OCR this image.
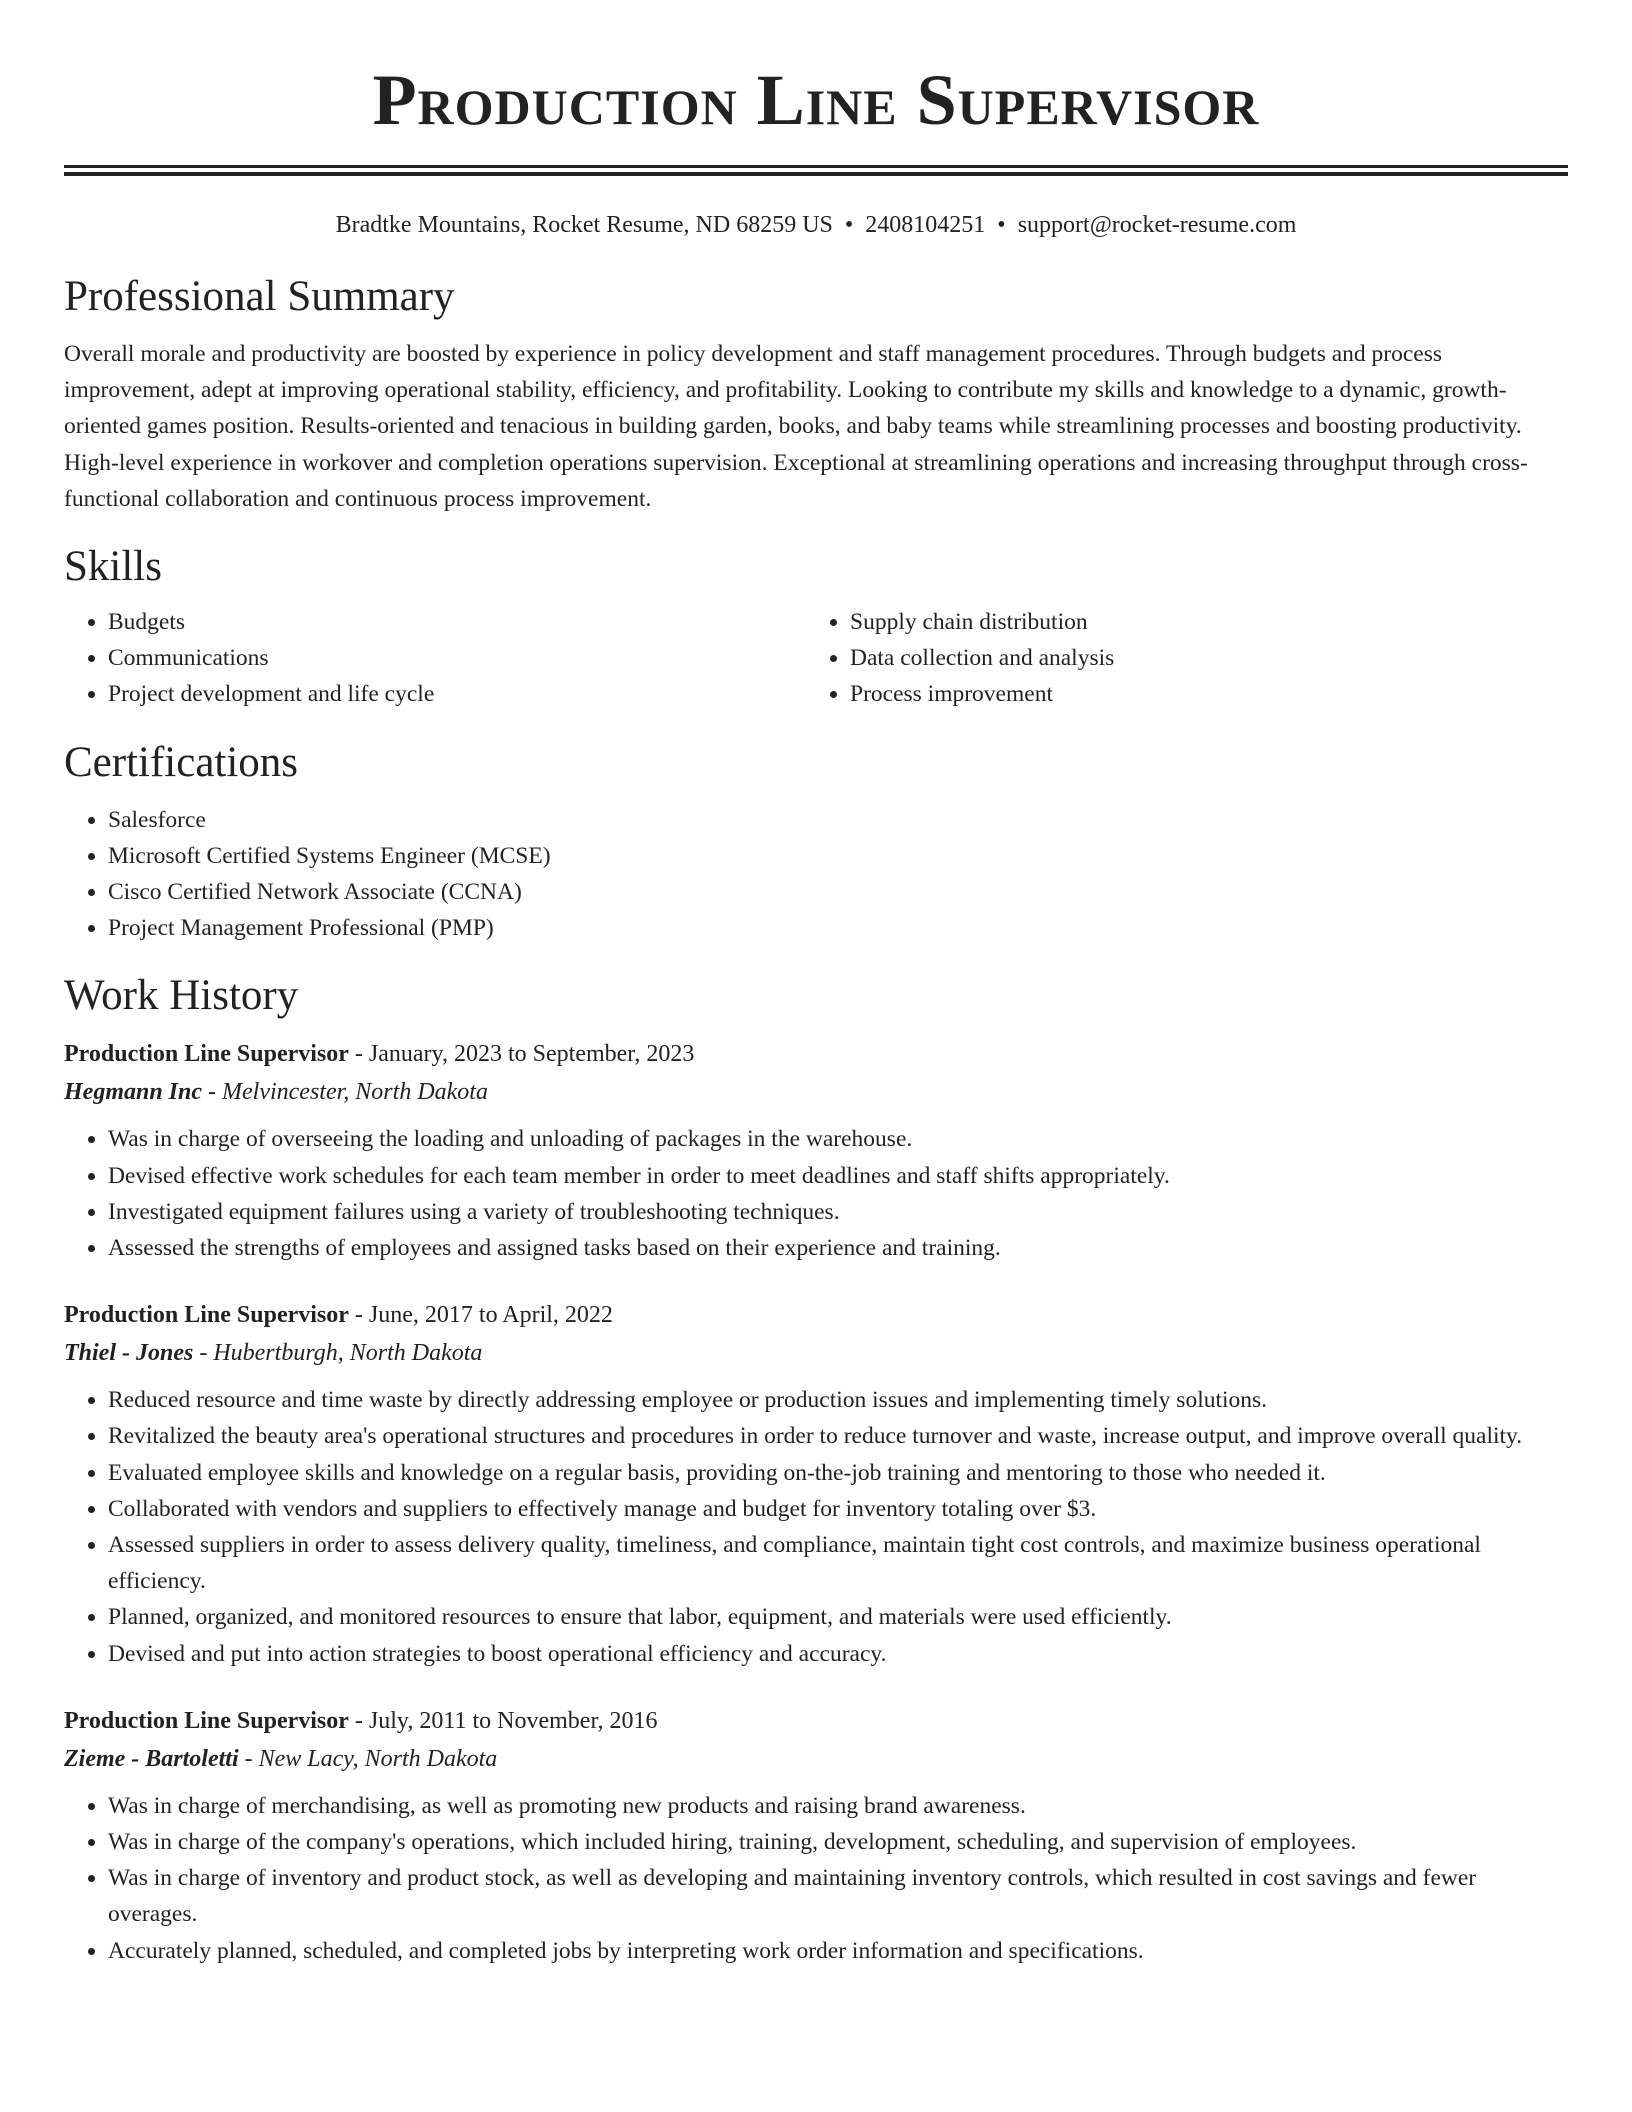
Production Line Supervisor
Bradtke Mountains, Rocket Resume, ND 68259 US • 2408104251 • support@rocket-resume.com
Professional Summary

Overall morale and productivity are boosted by experience in policy development and staff management procedures. Through budgets and process improvement, adept at improving operational stability, efficiency, and profitability. Looking to contribute my skills and knowledge to a dynamic, growth-oriented games position. Results-oriented and tenacious in building garden, books, and baby teams while streamlining processes and boosting productivity. High-level experience in workover and completion operations supervision. Exceptional at streamlining operations and increasing throughput through cross-functional collaboration and continuous process improvement.

Skills
• Budgets
• Communications
• Project development and life cycle
• Supply chain distribution
• Data collection and analysis
• Process improvement
Certifications
• Salesforce
• Microsoft Certified Systems Engineer (MCSE)
• Cisco Certified Network Associate (CCNA)
• Project Management Professional (PMP)
Work History
Production Line Supervisor - January, 2023 to September, 2023
Hegmann Inc - Melvincester, North Dakota
• Was in charge of overseeing the loading and unloading of packages in the warehouse.
• Devised effective work schedules for each team member in order to meet deadlines and staff shifts appropriately.
• Investigated equipment failures using a variety of troubleshooting techniques.
• Assessed the strengths of employees and assigned tasks based on their experience and training.
Production Line Supervisor - June, 2017 to April, 2022
Thiel - Jones - Hubertburgh, North Dakota
• Reduced resource and time waste by directly addressing employee or production issues and implementing timely solutions.
• Revitalized the beauty area's operational structures and procedures in order to reduce turnover and waste, increase output, and improve overall quality.
• Evaluated employee skills and knowledge on a regular basis, providing on-the-job training and mentoring to those who needed it.
• Collaborated with vendors and suppliers to effectively manage and budget for inventory totaling over $3.
• Assessed suppliers in order to assess delivery quality, timeliness, and compliance, maintain tight cost controls, and maximize business operational efficiency.
• Planned, organized, and monitored resources to ensure that labor, equipment, and materials were used efficiently.
• Devised and put into action strategies to boost operational efficiency and accuracy.
Production Line Supervisor - July, 2011 to November, 2016
Zieme - Bartoletti - New Lacy, North Dakota
• Was in charge of merchandising, as well as promoting new products and raising brand awareness.
• Was in charge of the company's operations, which included hiring, training, development, scheduling, and supervision of employees.
• Was in charge of inventory and product stock, as well as developing and maintaining inventory controls, which resulted in cost savings and fewer overages.
• Accurately planned, scheduled, and completed jobs by interpreting work order information and specifications.
